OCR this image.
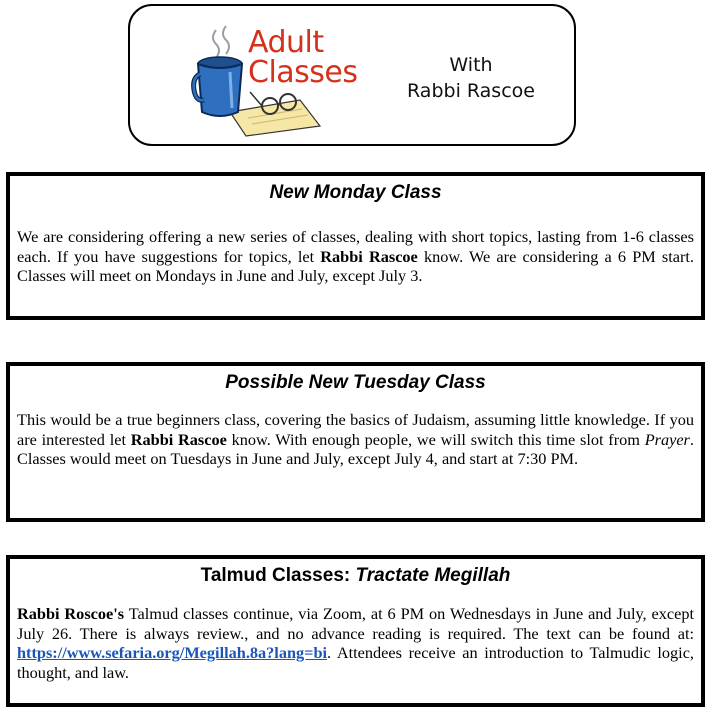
Adult
Classes	With
Rabbi Rascoe
New Monday Class
We are considering offering a new series of classes, dealing with short topics, lasting from 1-6 classes each. If you have suggestions for topics, let Rabbi Rascoe know. We are considering a 6 PM start. Classes will meet on Mondays in June and July, except July 3.
Possible New Tuesday Class
This would be a true beginners class, covering the basics of Judaism, assuming little knowledge. If you are interested let Rabbi Rascoe know. With enough people, we will switch this time slot from Prayer. Classes would meet on Tuesdays in June and July, except July 4, and start at 7:30 PM.
Talmud Classes: Tractate Megillah
Rabbi Roscoe's Talmud classes continue, via Zoom, at 6 PM on Wednesdays in June and July, except July 26. There is always review., and no advance reading is required. The text can be found at: https://www.sefaria.org/Megillah.8a?lang=bi. Attendees receive an introduction to Talmudic logic, thought, and law.
